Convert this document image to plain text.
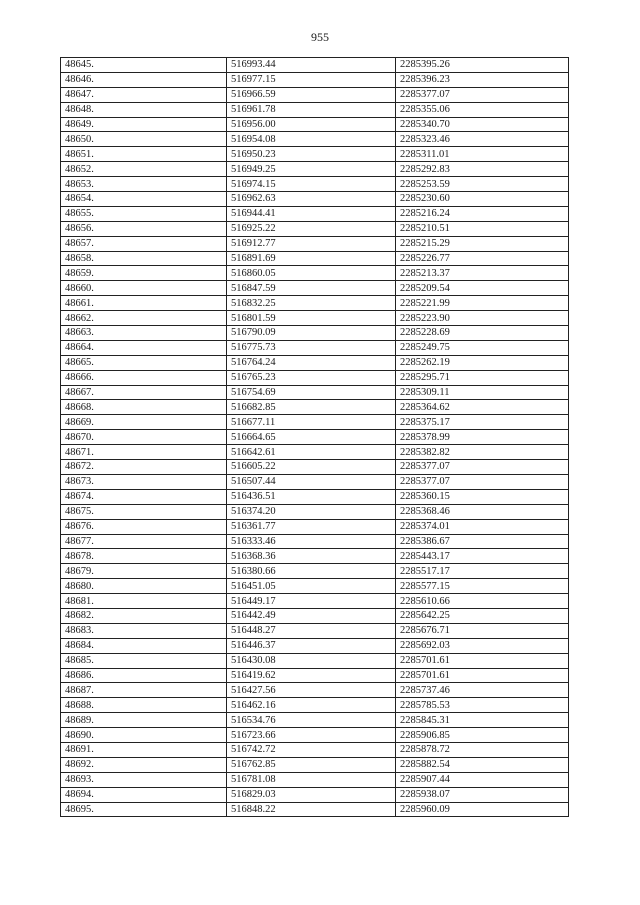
955
48645.	516993.44	2285395.26
48646.	516977.15	2285396.23
48647.	516966.59	2285377.07
48648.	516961.78	2285355.06
48649.	516956.00	2285340.70
48650.	516954.08	2285323.46
48651.	516950.23	2285311.01
48652.	516949.25	2285292.83
48653.	516974.15	2285253.59
48654.	516962.63	2285230.60
48655.	516944.41	2285216.24
48656.	516925.22	2285210.51
48657.	516912.77	2285215.29
48658.	516891.69	2285226.77
48659.	516860.05	2285213.37
48660.	516847.59	2285209.54
48661.	516832.25	2285221.99
48662.	516801.59	2285223.90
48663.	516790.09	2285228.69
48664.	516775.73	2285249.75
48665.	516764.24	2285262.19
48666.	516765.23	2285295.71
48667.	516754.69	2285309.11
48668.	516682.85	2285364.62
48669.	516677.11	2285375.17
48670.	516664.65	2285378.99
48671.	516642.61	2285382.82
48672.	516605.22	2285377.07
48673.	516507.44	2285377.07
48674.	516436.51	2285360.15
48675.	516374.20	2285368.46
48676.	516361.77	2285374.01
48677.	516333.46	2285386.67
48678.	516368.36	2285443.17
48679.	516380.66	2285517.17
48680.	516451.05	2285577.15
48681.	516449.17	2285610.66
48682.	516442.49	2285642.25
48683.	516448.27	2285676.71
48684.	516446.37	2285692.03
48685.	516430.08	2285701.61
48686.	516419.62	2285701.61
48687.	516427.56	2285737.46
48688.	516462.16	2285785.53
48689.	516534.76	2285845.31
48690.	516723.66	2285906.85
48691.	516742.72	2285878.72
48692.	516762.85	2285882.54
48693.	516781.08	2285907.44
48694.	516829.03	2285938.07
48695.	516848.22	2285960.09
